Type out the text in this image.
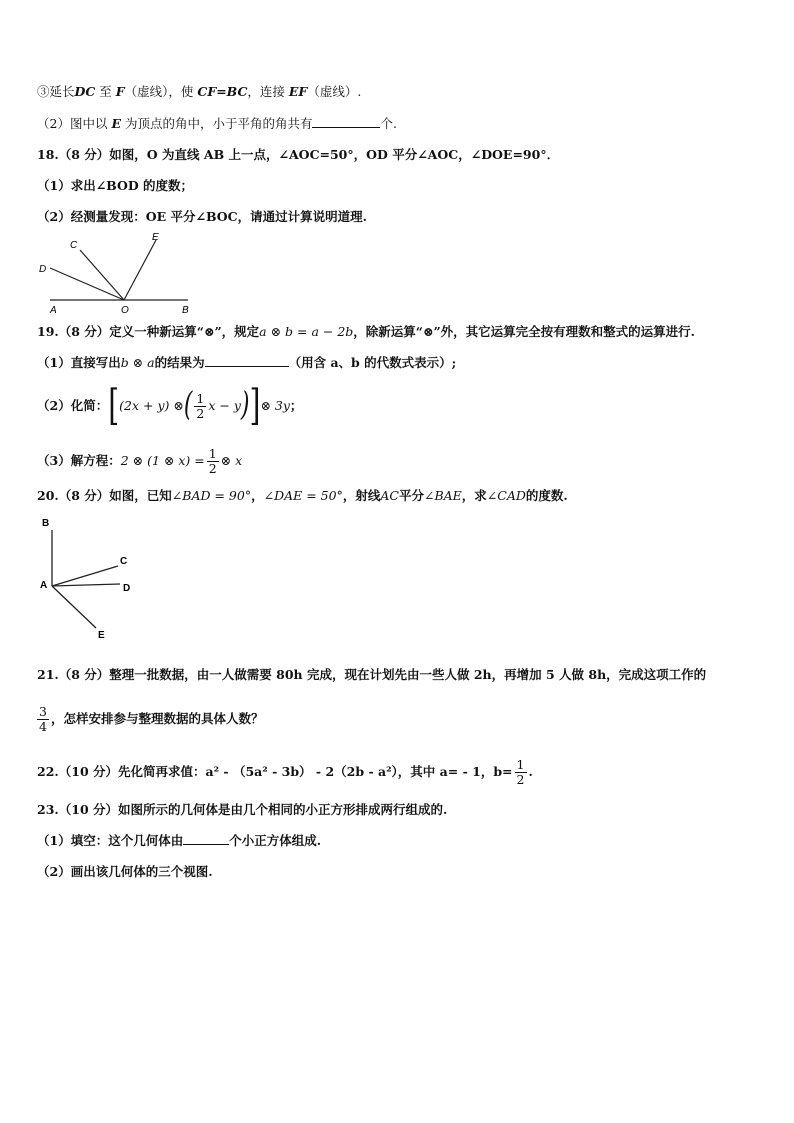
③延长DC 至 F（虚线），使 CF=BC，连接 EF（虚线）.
（2）图中以 E 为顶点的角中，小于平角的角共有	个.
18.（8 分）如图，O 为直线 AB 上一点，∠AOC=50°，OD 平分∠AOC，∠DOE=90°．
（1）求出∠BOD 的度数；
（2）经测量发现：OE 平分∠BOC，请通过计算说明道理.
C
E
D
A	O	B
19.（8 分）定义一种新运算“⊗”，规定a ⊗ b = a − 2b，除新运算“⊗”外，其它运算完全按有理数和整式的运算进行.
（1）直接写出b ⊗ a的结果为	（用含 a、b 的代数式表示）;
（2）化简： [ (2x + y) ⊗ ( $\frac{1}{2}$ x − y ) ] ⊗ 3y ；
（3）解方程： 2 ⊗ (1 ⊗ $x) = \frac{1}{2}$ ⊗ x
20.（8 分）如图，已知∠BAD = 90°，∠DAE = 50°，射线AC平分∠BAE，求∠CAD的度数.
B
C
A	D
E
21.（8 分）整理一批数据，由一人做需要 80h 完成，现在计划先由一些人做 2h，再增加 5 人做 8h，完成这项工作的
$\frac{3}{4}$ ，怎样安排参与整理数据的具体人数？
22.（10 分）先化简再求值：a² - （5a² - 3b） - 2（2b - a²），其中 a= - 1，$b= \frac{1}{2}$ .
23.（10 分）如图所示的几何体是由几个相同的小正方形排成两行组成的.
（1）填空：这个几何体由	个小正方体组成.
（2）画出该几何体的三个视图.
